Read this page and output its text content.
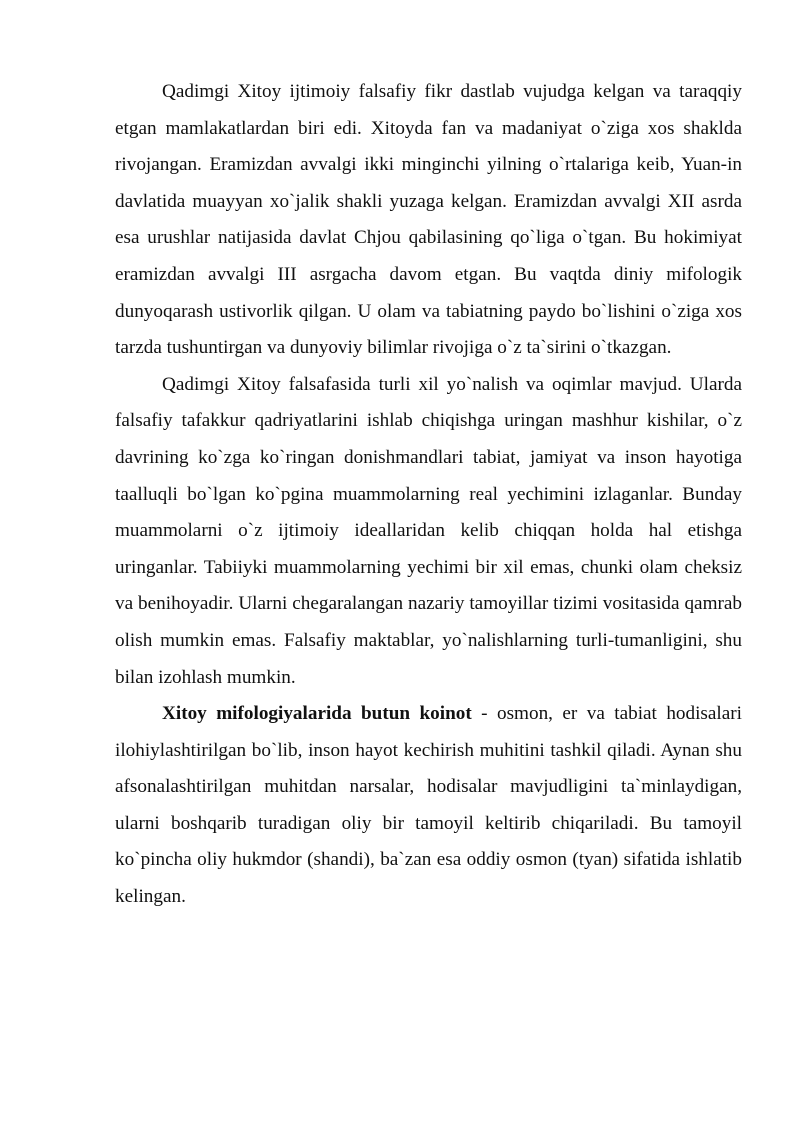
Qadimgi Xitoy ijtimoiy falsafiy fikr dastlab vujudga kelgan va taraqqiy etgan mamlakatlardan biri edi. Xitoyda fan va madaniyat o`ziga xos shaklda rivojangan. Eramizdan avvalgi ikki minginchi yilning o`rtalariga keib, Yuan-in davlatida muayyan xo`jalik shakli yuzaga kelgan. Eramizdan avvalgi XII asrda esa urushlar natijasida davlat Chjou qabilasining qo`liga o`tgan. Bu hokimiyat eramizdan avvalgi III asrgacha davom etgan. Bu vaqtda diniy mifologik dunyoqarash ustivorlik qilgan. U olam va tabiatning paydo bo`lishini o`ziga xos tarzda tushuntirgan va dunyoviy bilimlar rivojiga o`z ta`sirini o`tkazgan.

Qadimgi Xitoy falsafasida turli xil yo`nalish va oqimlar mavjud. Ularda falsafiy tafakkur qadriyatlarini ishlab chiqishga uringan mashhur kishilar, o`z davrining ko`zga ko`ringan donishmandlari tabiat, jamiyat va inson hayotiga taalluqli bo`lgan ko`pgina muammolarning real yechimini izlaganlar. Bunday muammolarni o`z ijtimoiy ideallaridan kelib chiqqan holda hal etishga uringanlar. Tabiiyki muammolarning yechimi bir xil emas, chunki olam cheksiz va benihoyadir. Ularni chegaralangan nazariy tamoyillar tizimi vositasida qamrab olish mumkin emas. Falsafiy maktablar, yo`nalishlarning turli-tumanligini, shu bilan izohlash mumkin.

Xitoy mifologiyalarida butun koinot - osmon, er va tabiat hodisalari ilohiylashtirilgan bo`lib, inson hayot kechirish muhitini tashkil qiladi. Aynan shu afsonalashtirilgan muhitdan narsalar, hodisalar mavjudligini ta`minlaydigan, ularni boshqarib turadigan oliy bir tamoyil keltirib chiqariladi. Bu tamoyil ko`pincha oliy hukmdor (shandi), ba`zan esa oddiy osmon (tyan) sifatida ishlatib kelingan.
